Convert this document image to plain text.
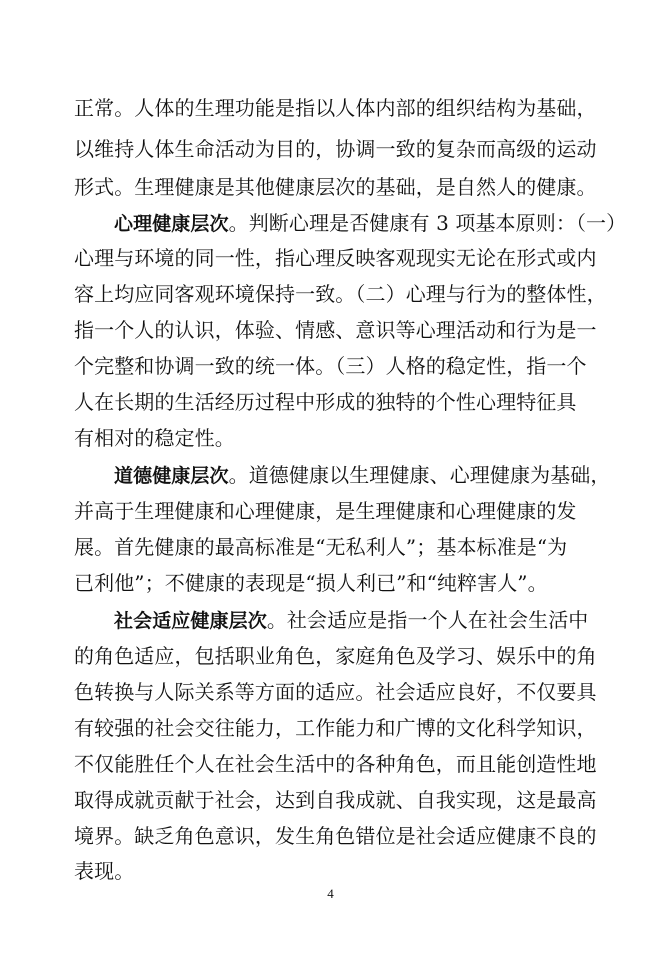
正常。人体的生理功能是指以人体内部的组织结构为基础，
以维持人体生命活动为目的，协调一致的复杂而高级的运动
形式。生理健康是其他健康层次的基础，是自然人的健康。
心理健康层次。判断心理是否健康有 3 项基本原则：（一）
心理与环境的同一性，指心理反映客观现实无论在形式或内
容上均应同客观环境保持一致。（二）心理与行为的整体性，
指一个人的认识，体验、情感、意识等心理活动和行为是一
个完整和协调一致的统一体。（三）人格的稳定性，指一个
人在长期的生活经历过程中形成的独特的个性心理特征具
有相对的稳定性。
道德健康层次。道德健康以生理健康、心理健康为基础，
并高于生理健康和心理健康，是生理健康和心理健康的发
展。首先健康的最高标准是“无私利人”；基本标准是“为
已利他”；不健康的表现是“损人利已”和“纯粹害人”。
社会适应健康层次。社会适应是指一个人在社会生活中
的角色适应，包括职业角色，家庭角色及学习、娱乐中的角
色转换与人际关系等方面的适应。社会适应良好，不仅要具
有较强的社会交往能力，工作能力和广博的文化科学知识，
不仅能胜任个人在社会生活中的各种角色，而且能创造性地
取得成就贡献于社会，达到自我成就、自我实现，这是最高
境界。缺乏角色意识，发生角色错位是社会适应健康不良的
表现。
4
